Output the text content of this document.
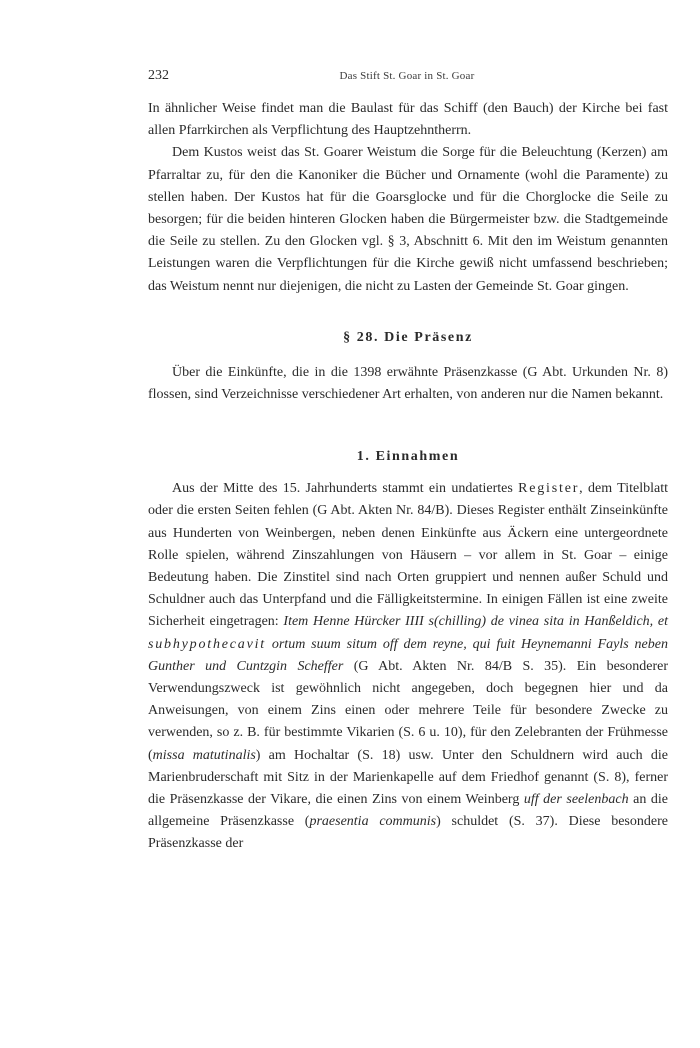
232	Das Stift St. Goar in St. Goar

In ähnlicher Weise findet man die Baulast für das Schiff (den Bauch) der Kirche bei fast allen Pfarrkirchen als Verpflichtung des Hauptzehntherrn.

Dem Kustos weist das St. Goarer Weistum die Sorge für die Beleuchtung (Kerzen) am Pfarraltar zu, für den die Kanoniker die Bücher und Ornamente (wohl die Paramente) zu stellen haben. Der Kustos hat für die Goarsglocke und für die Chorglocke die Seile zu besorgen; für die beiden hinteren Glocken haben die Bürgermeister bzw. die Stadtgemeinde die Seile zu stellen. Zu den Glocken vgl. § 3, Abschnitt 6. Mit den im Weistum genannten Leistungen waren die Verpflichtungen für die Kirche gewiß nicht umfassend beschrieben; das Weistum nennt nur diejenigen, die nicht zu Lasten der Gemeinde St. Goar gingen.

§ 28. Die Präsenz

Über die Einkünfte, die in die 1398 erwähnte Präsenzkasse (G Abt. Urkunden Nr. 8) flossen, sind Verzeichnisse verschiedener Art erhalten, von anderen nur die Namen bekannt.

1. Einnahmen

Aus der Mitte des 15. Jahrhunderts stammt ein undatiertes Register, dem Titelblatt oder die ersten Seiten fehlen (G Abt. Akten Nr. 84/B). Dieses Register enthält Zinseinkünfte aus Hunderten von Weinbergen, neben denen Einkünfte aus Äckern eine untergeordnete Rolle spielen, während Zinszahlungen von Häusern – vor allem in St. Goar – einige Bedeutung haben. Die Zinstitel sind nach Orten gruppiert und nennen außer Schuld und Schuldner auch das Unterpfand und die Fälligkeitstermine. In einigen Fällen ist eine zweite Sicherheit eingetragen: Item Henne Hürcker IIII s(chilling) de vinea sita in Hanßeldich, et subhypothecavit ortum suum situm off dem reyne, qui fuit Heynemanni Fayls neben Gunther und Cuntzgin Scheffer (G Abt. Akten Nr. 84/B S. 35). Ein besonderer Verwendungszweck ist gewöhnlich nicht angegeben, doch begegnen hier und da Anweisungen, von einem Zins einen oder mehrere Teile für besondere Zwecke zu verwenden, so z. B. für bestimmte Vikarien (S. 6 u. 10), für den Zelebranten der Frühmesse (missa matutinalis) am Hochaltar (S. 18) usw. Unter den Schuldnern wird auch die Marienbruderschaft mit Sitz in der Marienkapelle auf dem Friedhof genannt (S. 8), ferner die Präsenzkasse der Vikare, die einen Zins von einem Weinberg uff der seelenbach an die allgemeine Präsenzkasse (praesentia communis) schuldet (S. 37). Diese besondere Präsenzkasse der
